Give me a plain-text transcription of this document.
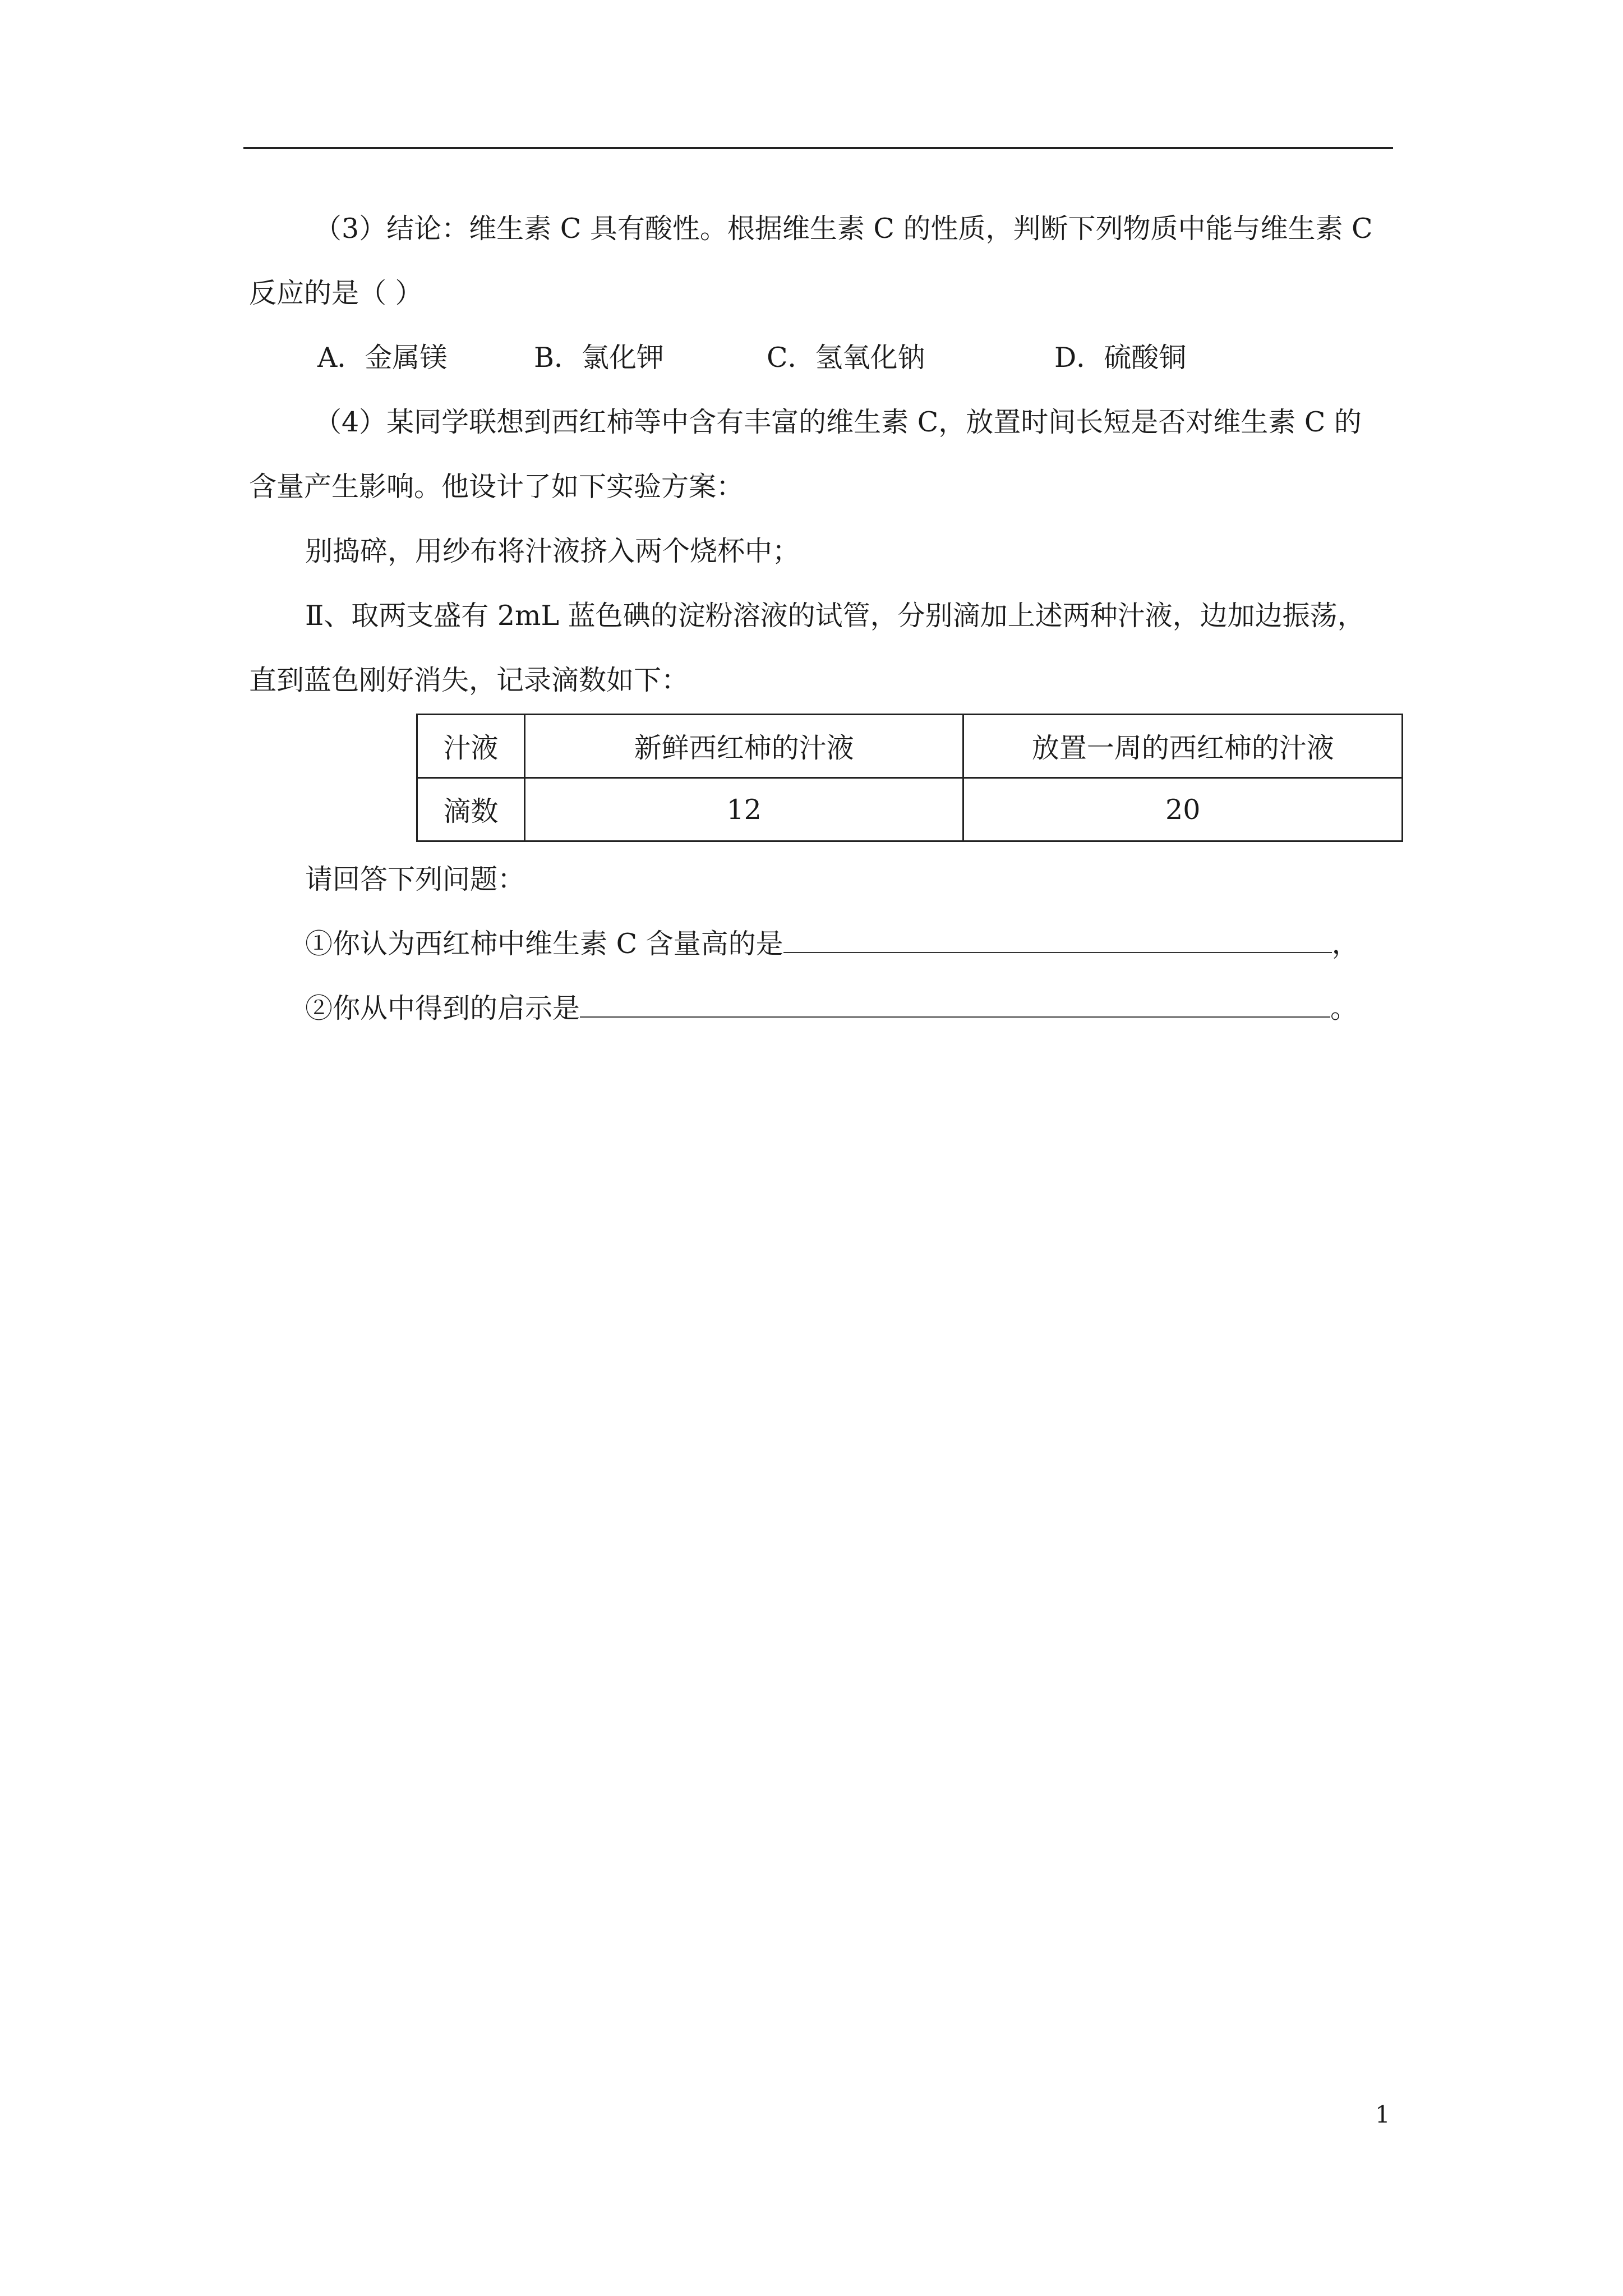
（3）结论：维生素 C 具有酸性。根据维生素 C 的性质，判断下列物质中能与维生素 C
反应的是（ ）
A．金属镁	B．氯化钾	C．氢氧化钠	D．硫酸铜
（4）某同学联想到西红柿等中含有丰富的维生素 C，放置时间长短是否对维生素 C 的
含量产生影响。他设计了如下实验方案：
别捣碎，用纱布将汁液挤入两个烧杯中；
Ⅱ、取两支盛有 2mL 蓝色碘的淀粉溶液的试管，分别滴加上述两种汁液，边加边振荡，
直到蓝色刚好消失，记录滴数如下：
汁液	新鲜西红柿的汁液	放置一周的西红柿的汁液
滴数	12	20
请回答下列问题：
①你认为西红柿中维生素 C 含量高的是	，
②你从中得到的启示是	。
1
